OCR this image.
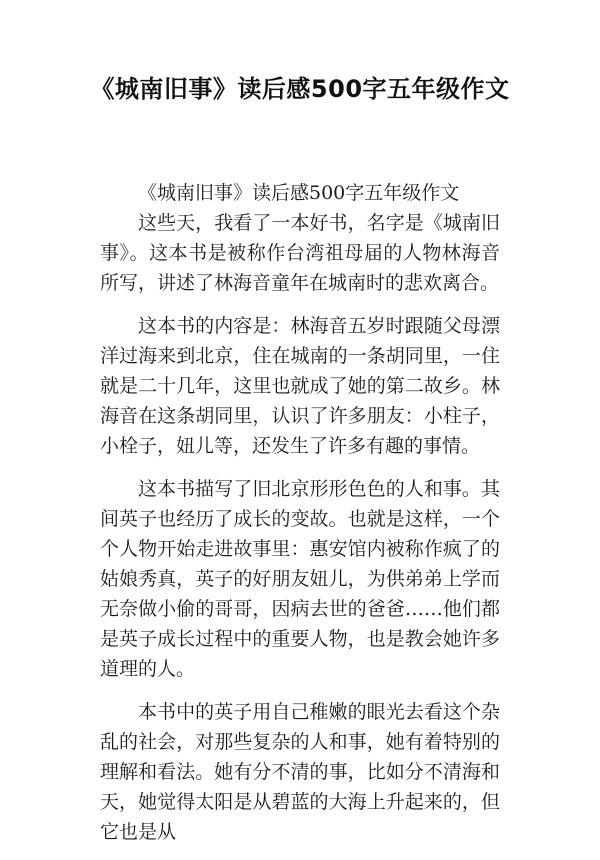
《城南旧事》读后感500字五年级作文

《城南旧事》读后感500字五年级作文

这些天，我看了一本好书，名字是《城南旧事》。这本书是被称作台湾祖母届的人物林海音所写，讲述了林海音童年在城南时的悲欢离合。

这本书的内容是：林海音五岁时跟随父母漂洋过海来到北京，住在城南的一条胡同里，一住就是二十几年，这里也就成了她的第二故乡。林海音在这条胡同里，认识了许多朋友：小柱子，小栓子，妞儿等，还发生了许多有趣的事情。

这本书描写了旧北京形形色色的人和事。其间英子也经历了成长的变故。也就是这样，一个个人物开始走进故事里：惠安馆内被称作疯了的姑娘秀真，英子的好朋友妞儿，为供弟弟上学而无奈做小偷的哥哥，因病去世的爸爸……他们都是英子成长过程中的重要人物，也是教会她许多道理的人。

本书中的英子用自己稚嫩的眼光去看这个杂乱的社会，对那些复杂的人和事，她有着特别的理解和看法。她有分不清的事，比如分不清海和天，她觉得太阳是从碧蓝的大海上升起来的，但它也是从
